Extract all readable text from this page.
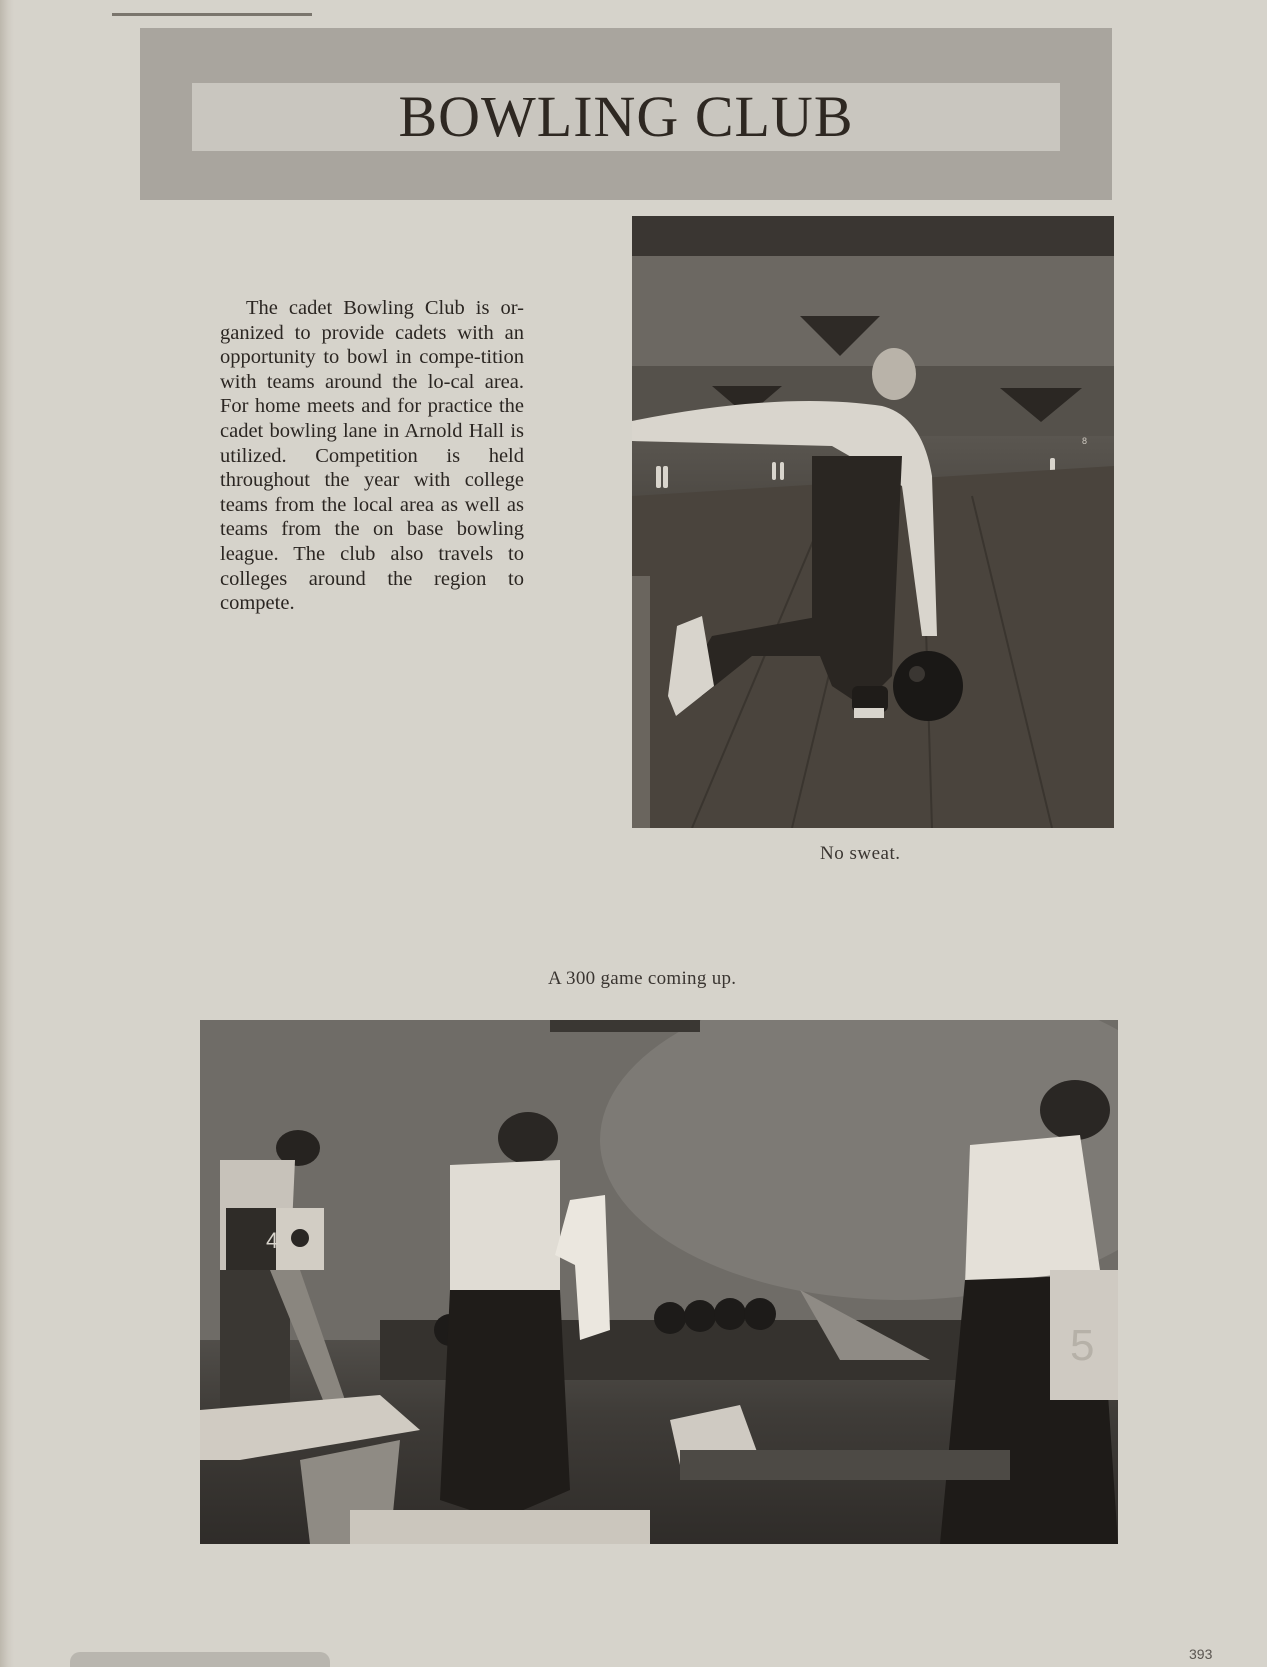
BOWLING CLUB

The cadet Bowling Club is or-ganized to provide cadets with an opportunity to bowl in compe-tition with teams around the lo-cal area. For home meets and for practice the cadet bowling lane in Arnold Hall is utilized. Competition is held throughout the year with college teams from the local area as well as teams from the on base bowling league. The club also travels to colleges around the region to compete.

8
No sweat.
A 300 game coming up.
4
5
393
